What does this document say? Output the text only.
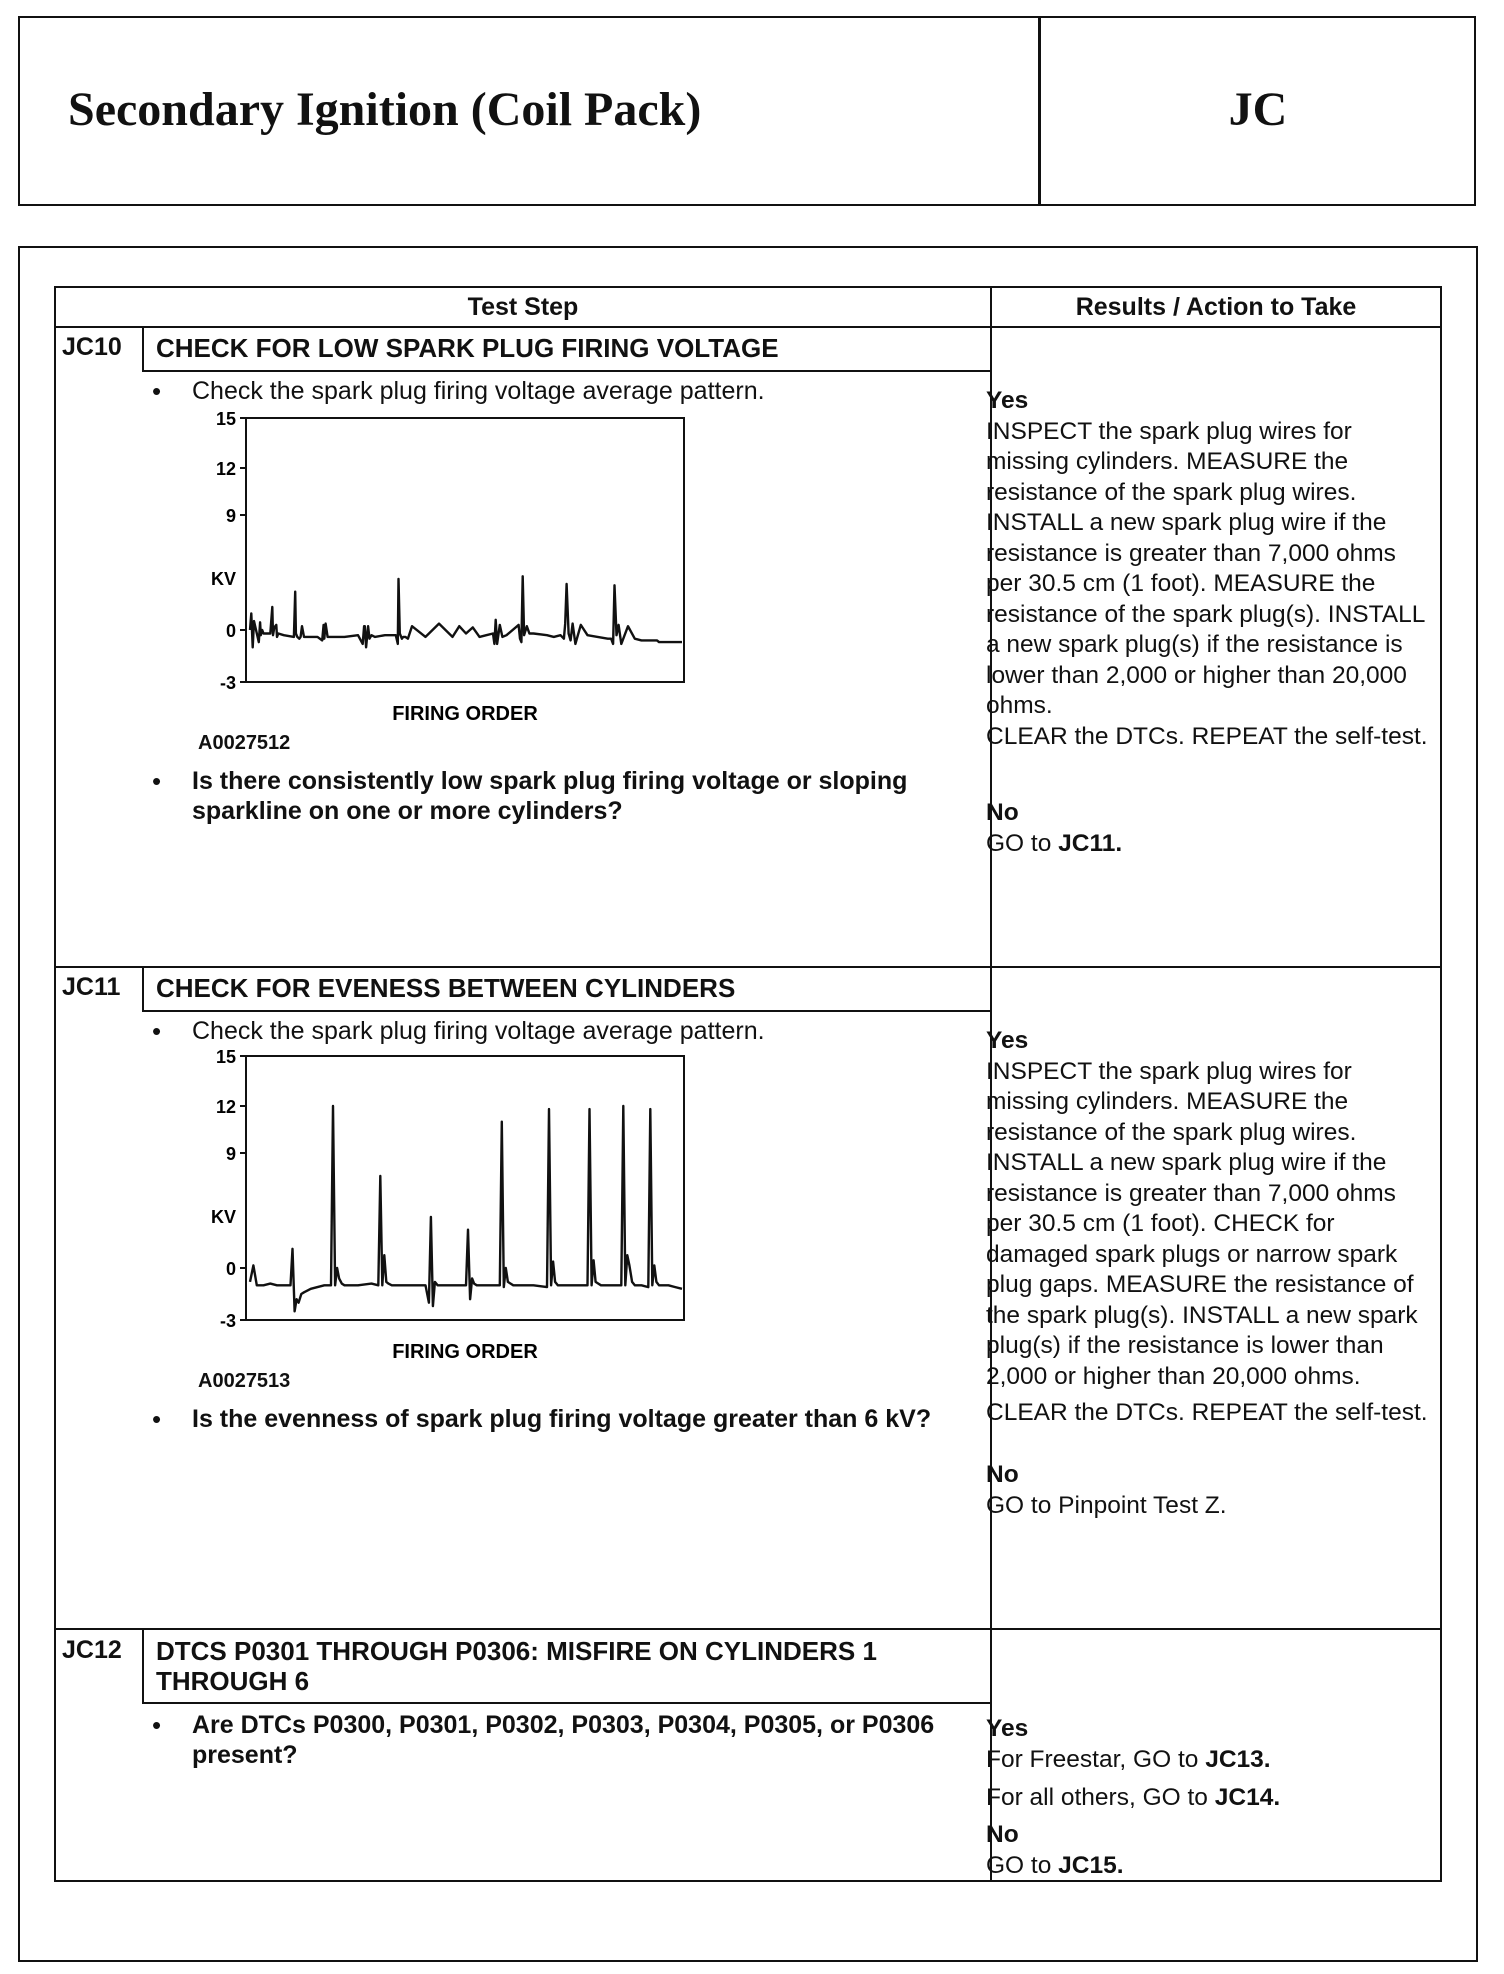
Secondary Ignition (Coil Pack)	JC
Test Step	Results / Action to Take
JC10 CHECK FOR LOW SPARK PLUG FIRING VOLTAGE
• Check the spark plug firing voltage average pattern.
15
12
9
0
-3
KV
FIRING ORDER
A0027512
• Is there consistently low spark plug firing voltage or sloping sparkline on one or more cylinders?

Yes

INSPECT the spark plug wires for missing cylinders. MEASURE the resistance of the spark plug wires. INSTALL a new spark plug wire if the resistance is greater than 7,000 ohms per 30.5 cm (1 foot). MEASURE the resistance of the spark plug(s). INSTALL a new spark plug(s) if the resistance is lower than 2,000 or higher than 20,000 ohms.

CLEAR the DTCs. REPEAT the self-test.

No

GO to JC11.

JC11 CHECK FOR EVENESS BETWEEN CYLINDERS
• Check the spark plug firing voltage average pattern.
15
12
9
0
-3
KV
FIRING ORDER
A0027513
• Is the evenness of spark plug firing voltage greater than 6 kV?

Yes

INSPECT the spark plug wires for missing cylinders. MEASURE the resistance of the spark plug wires. INSTALL a new spark plug wire if the resistance is greater than 7,000 ohms per 30.5 cm (1 foot). CHECK for damaged spark plugs or narrow spark plug gaps. MEASURE the resistance of the spark plug(s). INSTALL a new spark plug(s) if the resistance is lower than 2,000 or higher than 20,000 ohms.

CLEAR the DTCs. REPEAT the self-test.

No

GO to Pinpoint Test Z.

JC12 DTCS P0301 THROUGH P0306: MISFIRE ON CYLINDERS 1 THROUGH 6
• Are DTCs P0300, P0301, P0302, P0303, P0304, P0305, or P0306 present?

Yes

For Freestar, GO to JC13.

For all others, GO to JC14.

No

GO to JC15.
